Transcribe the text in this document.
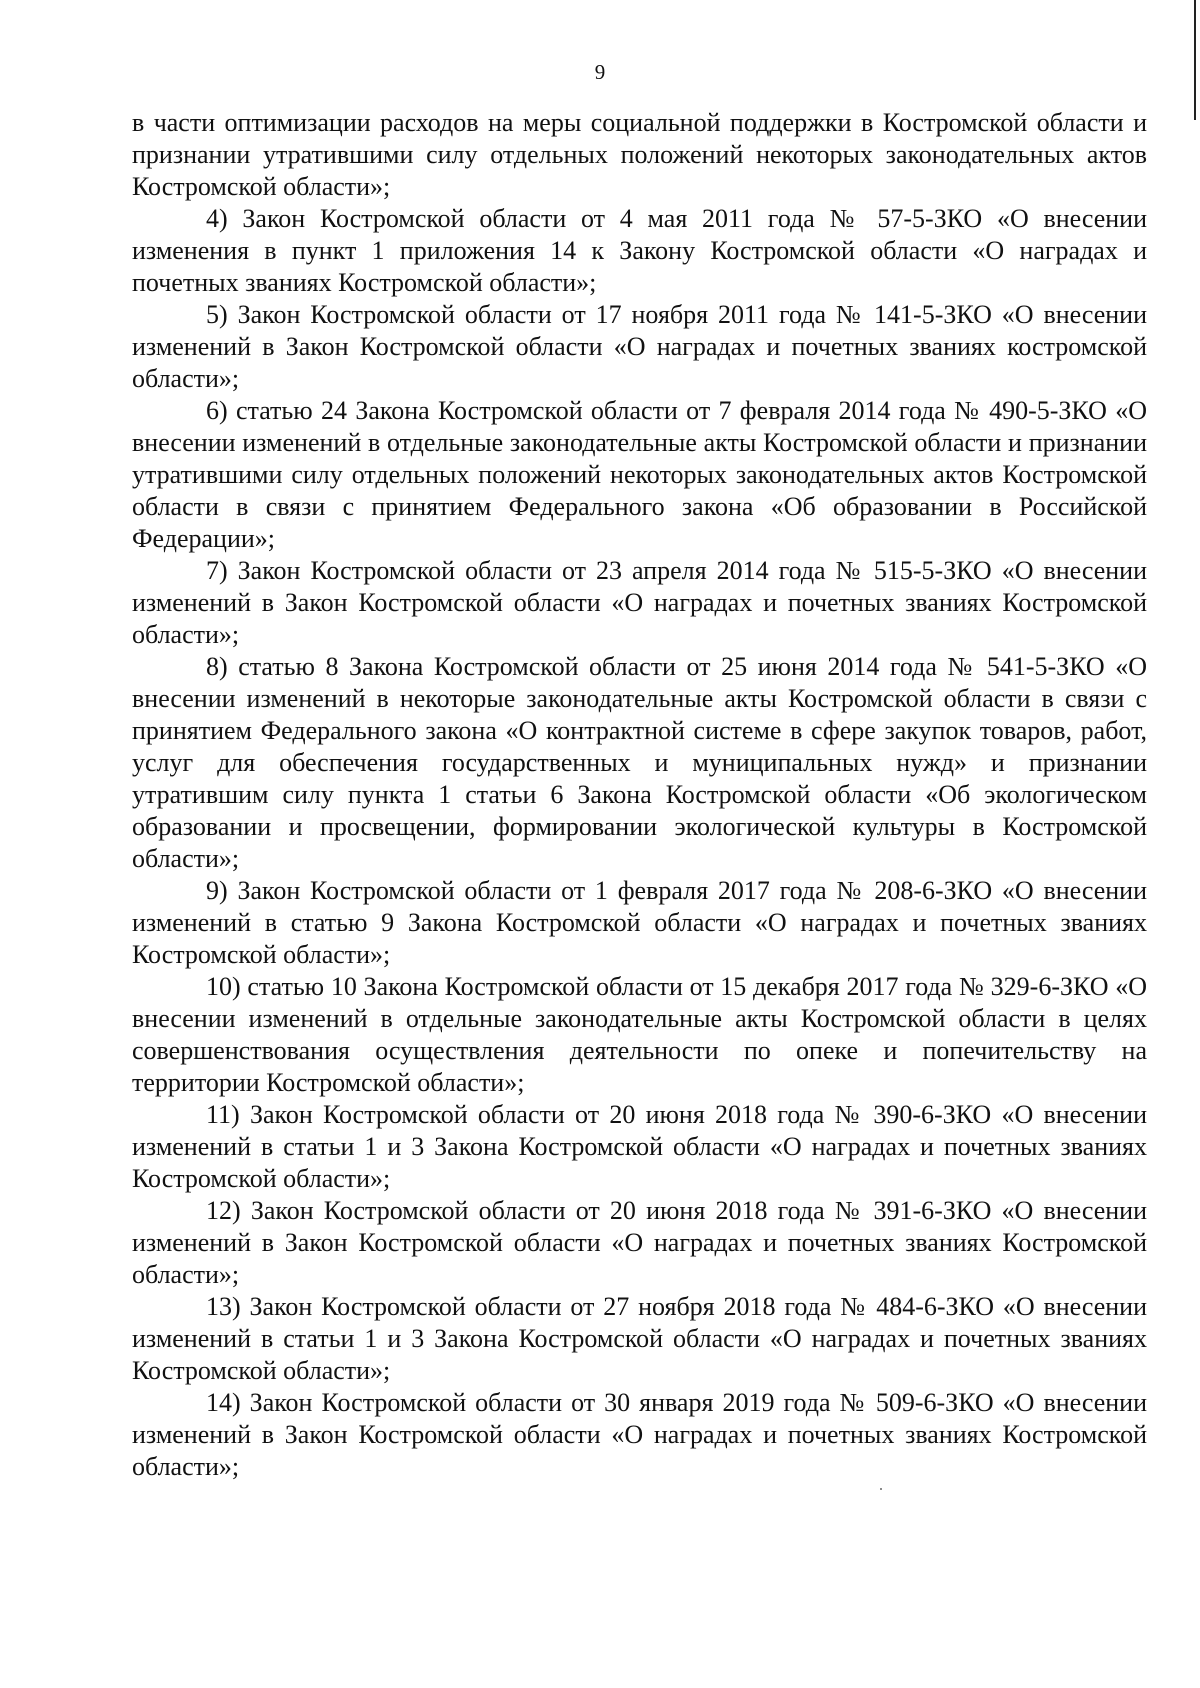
9

в части оптимизации расходов на меры социальной поддержки в Костромской области и признании утратившими силу отдельных положений некоторых законодательных актов Костромской области»;

4) Закон Костромской области от 4 мая 2011 года № 57-5-ЗКО «О внесении изменения в пункт 1 приложения 14 к Закону Костромской области «О наградах и почетных званиях Костромской области»;

5) Закон Костромской области от 17 ноября 2011 года № 141-5-ЗКО «О внесении изменений в Закон Костромской области «О наградах и почетных званиях костромской области»;

6) статью 24 Закона Костромской области от 7 февраля 2014 года № 490-5-ЗКО «О внесении изменений в отдельные законодательные акты Костромской области и признании утратившими силу отдельных положений некоторых законодательных актов Костромской области в связи с принятием Федерального закона «Об образовании в Российской Федерации»;

7) Закон Костромской области от 23 апреля 2014 года № 515-5-ЗКО «О внесении изменений в Закон Костромской области «О наградах и почетных званиях Костромской области»;

8) статью 8 Закона Костромской области от 25 июня 2014 года № 541-5-ЗКО «О внесении изменений в некоторые законодательные акты Костромской области в связи с принятием Федерального закона «О контрактной системе в сфере закупок товаров, работ, услуг для обеспечения государственных и муниципальных нужд» и признании утратившим силу пункта 1 статьи 6 Закона Костромской области «Об экологическом образовании и просвещении, формировании экологической культуры в Костромской области»;

9) Закон Костромской области от 1 февраля 2017 года № 208-6-ЗКО «О внесении изменений в статью 9 Закона Костромской области «О наградах и почетных званиях Костромской области»;

10) статью 10 Закона Костромской области от 15 декабря 2017 года № 329-6-ЗКО «О внесении изменений в отдельные законодательные акты Костромской области в целях совершенствования осуществления деятельности по опеке и попечительству на территории Костромской области»;

11) Закон Костромской области от 20 июня 2018 года № 390-6-ЗКО «О внесении изменений в статьи 1 и 3 Закона Костромской области «О наградах и почетных званиях Костромской области»;

12) Закон Костромской области от 20 июня 2018 года № 391-6-ЗКО «О внесении изменений в Закон Костромской области «О наградах и почетных званиях Костромской области»;

13) Закон Костромской области от 27 ноября 2018 года № 484-6-ЗКО «О внесении изменений в статьи 1 и 3 Закона Костромской области «О наградах и почетных званиях Костромской области»;

14) Закон Костромской области от 30 января 2019 года № 509-6-ЗКО «О внесении изменений в Закон Костромской области «О наградах и почетных званиях Костромской области»;
